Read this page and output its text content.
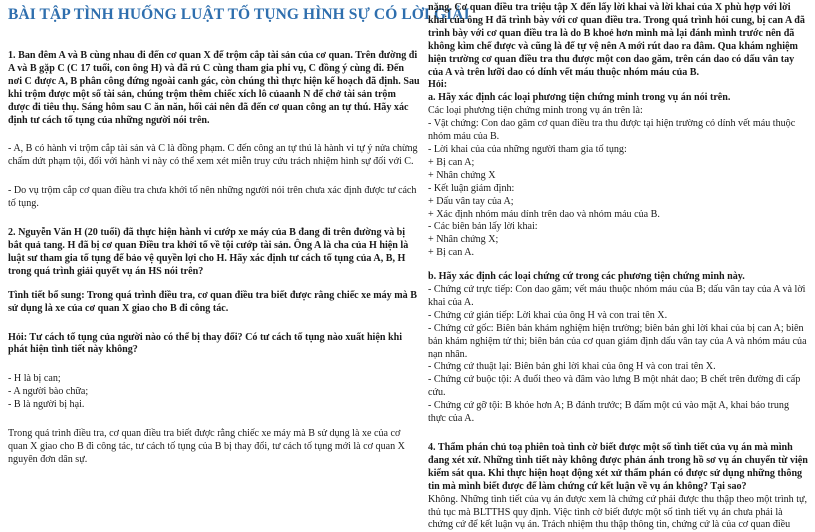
BÀI TẬP TÌNH HUỐNG LUẬT TỐ TỤNG HÌNH SỰ CÓ LỜI GIẢI

1. Ban đêm A và B cùng nhau đi đến cơ quan X để trộm cắp tài sản của cơ quan. Trên đường đi A và B gặp C (C 17 tuổi, con ông H) và đã rủ C cùng tham gia phi vụ, C đồng ý cùng đi. Đến nơi C được A, B phân công đứng ngoài canh gác, còn chúng thì thực hiện kế hoạch đã định. Sau khi trộm được một số tài sản, chúng trộm thêm chiếc xích lô củaanh N để chở tài sản trộm được đi tiêu thụ. Sáng hôm sau C ăn năn, hối cải nên đã đến cơ quan công an tự thú. Hãy xác định tư cách tố tụng của những người nói trên.

- A, B có hành vi trộm cắp tài sản và C là đồng phạm. C đến công an tự thú là hành vi tự ý nửa chừng chấm dứt phạm tội, đối với hành vi này có thể xem xét miễn truy cứu trách nhiệm hình sự đối với C.

- Do vụ trộm cắp cơ quan điều tra chưa khởi tố nên những người nói trên chưa xác định được tư cách tố tụng.

2. Nguyễn Văn H (20 tuổi) đã thực hiện hành vi cướp xe máy của B đang đi trên đường và bị bắt quả tang. H đã bị cơ quan Điều tra khởi tố về tội cướp tài sản. Ông A là cha của H hiện là luật sư tham gia tố tụng để bảo vệ quyền lợi cho H. Hãy xác định tư cách tố tụng của A, B, H trong quá trình giải quyết vụ án HS nói trên?

Tình tiết bổ sung: Trong quá trình điều tra, cơ quan điều tra biết được rằng chiếc xe máy mà B sử dụng là xe của cơ quan X giao cho B đi công tác.

Hỏi: Tư cách tố tụng của người nào có thể bị thay đổi? Có tư cách tố tụng nào xuất hiện khi phát hiện tình tiết này không?

- H là bị can;

- A người bào chữa;

- B là người bị hại.

Trong quá trình điều tra, cơ quan điều tra biết được rằng chiếc xe máy mà B sử dụng là xe của cơ quan X giao cho B đi công tác, tư cách tố tụng của B bị thay đổi, tư cách tố tụng mới là cơ quan X nguyên đơn dân sự.

nặng. Cơ quan điều tra triệu tập X đến lấy lời khai và lời khai của X phù hợp với lời khai của ông H đã trình bày với cơ quan điều tra. Trong quá trình hỏi cung, bị can A đã trình bày với cơ quan điều tra là do B khoẻ hơn mình mà lại đánh mình trước nên đã không kìm chế được và cũng là để tự vệ nên A mới rút dao ra đâm. Qua khám nghiệm hiện trường cơ quan điều tra thu được một con dao găm, trên cán dao có dấu vân tay của A và trên lưỡi dao có dính vết máu thuộc nhóm máu của B.

Hỏi:

a. Hãy xác định các loại phương tiện chứng minh trong vụ án nói trên.

Các loại phương tiện chứng minh trong vụ án trên là:

- Vật chứng: Con dao găm cơ quan điều tra thu được tại hiện trường có dính vết máu thuộc nhóm máu của B.

- Lời khai của của những người tham gia tố tụng:

+ Bị can A;

+ Nhân chứng X

- Kết luận giám định:

+ Dấu vân tay của A;

+ Xác định nhóm máu dính trên dao và nhóm máu của B.

- Các biên bản lấy lời khai:

+ Nhân chứng X;

+ Bị can A.

b. Hãy xác định các loại chứng cứ trong các phương tiện chứng minh này.

- Chứng cứ trực tiếp: Con dao găm; vết máu thuộc nhóm máu của B; dấu vân tay của A và lời khai của A.

- Chứng cứ gián tiếp: Lời khai của ông H và con trai tên X.

- Chứng cứ gốc: Biên bản khám nghiệm hiện trường; biên bản ghi lời khai của bị can A; biên bản khám nghiệm tử thi; biên bản của cơ quan giám định dấu vân tay của A và nhóm máu của nạn nhân.

- Chứng cứ thuật lại: Biên bản ghi lời khai của ông H và con trai tên X.

- Chứng cứ buộc tội: A đuổi theo và đâm vào lưng B một nhát dao; B chết trên đường đi cấp cứu.

- Chứng cứ gỡ tội: B khỏe hơn A; B đánh trước; B đấm một cú vào mặt A, khai báo trung thực của A.

4. Thẩm phán chủ toạ phiên toà tình cờ biết được một số tình tiết của vụ án mà mình đang xét xử. Những tình tiết này không được phản ánh trong hồ sơ vụ án chuyển từ viện kiểm sát qua. Khi thực hiện hoạt động xét xử thẩm phán có được sử dụng những thông tin mà mình biết được để làm chứng cứ kết luận về vụ án không? Tại sao?

Không. Những tình tiết của vụ án được xem là chứng cứ phải được thu thập theo một trình tự, thủ tục mà BLTTHS quy định. Việc tình cờ biết được một số tình tiết vụ án chưa phải là chứng cứ để kết luận vụ án. Trách nhiệm thu thập thông tin, chứng cứ là của cơ quan điều
